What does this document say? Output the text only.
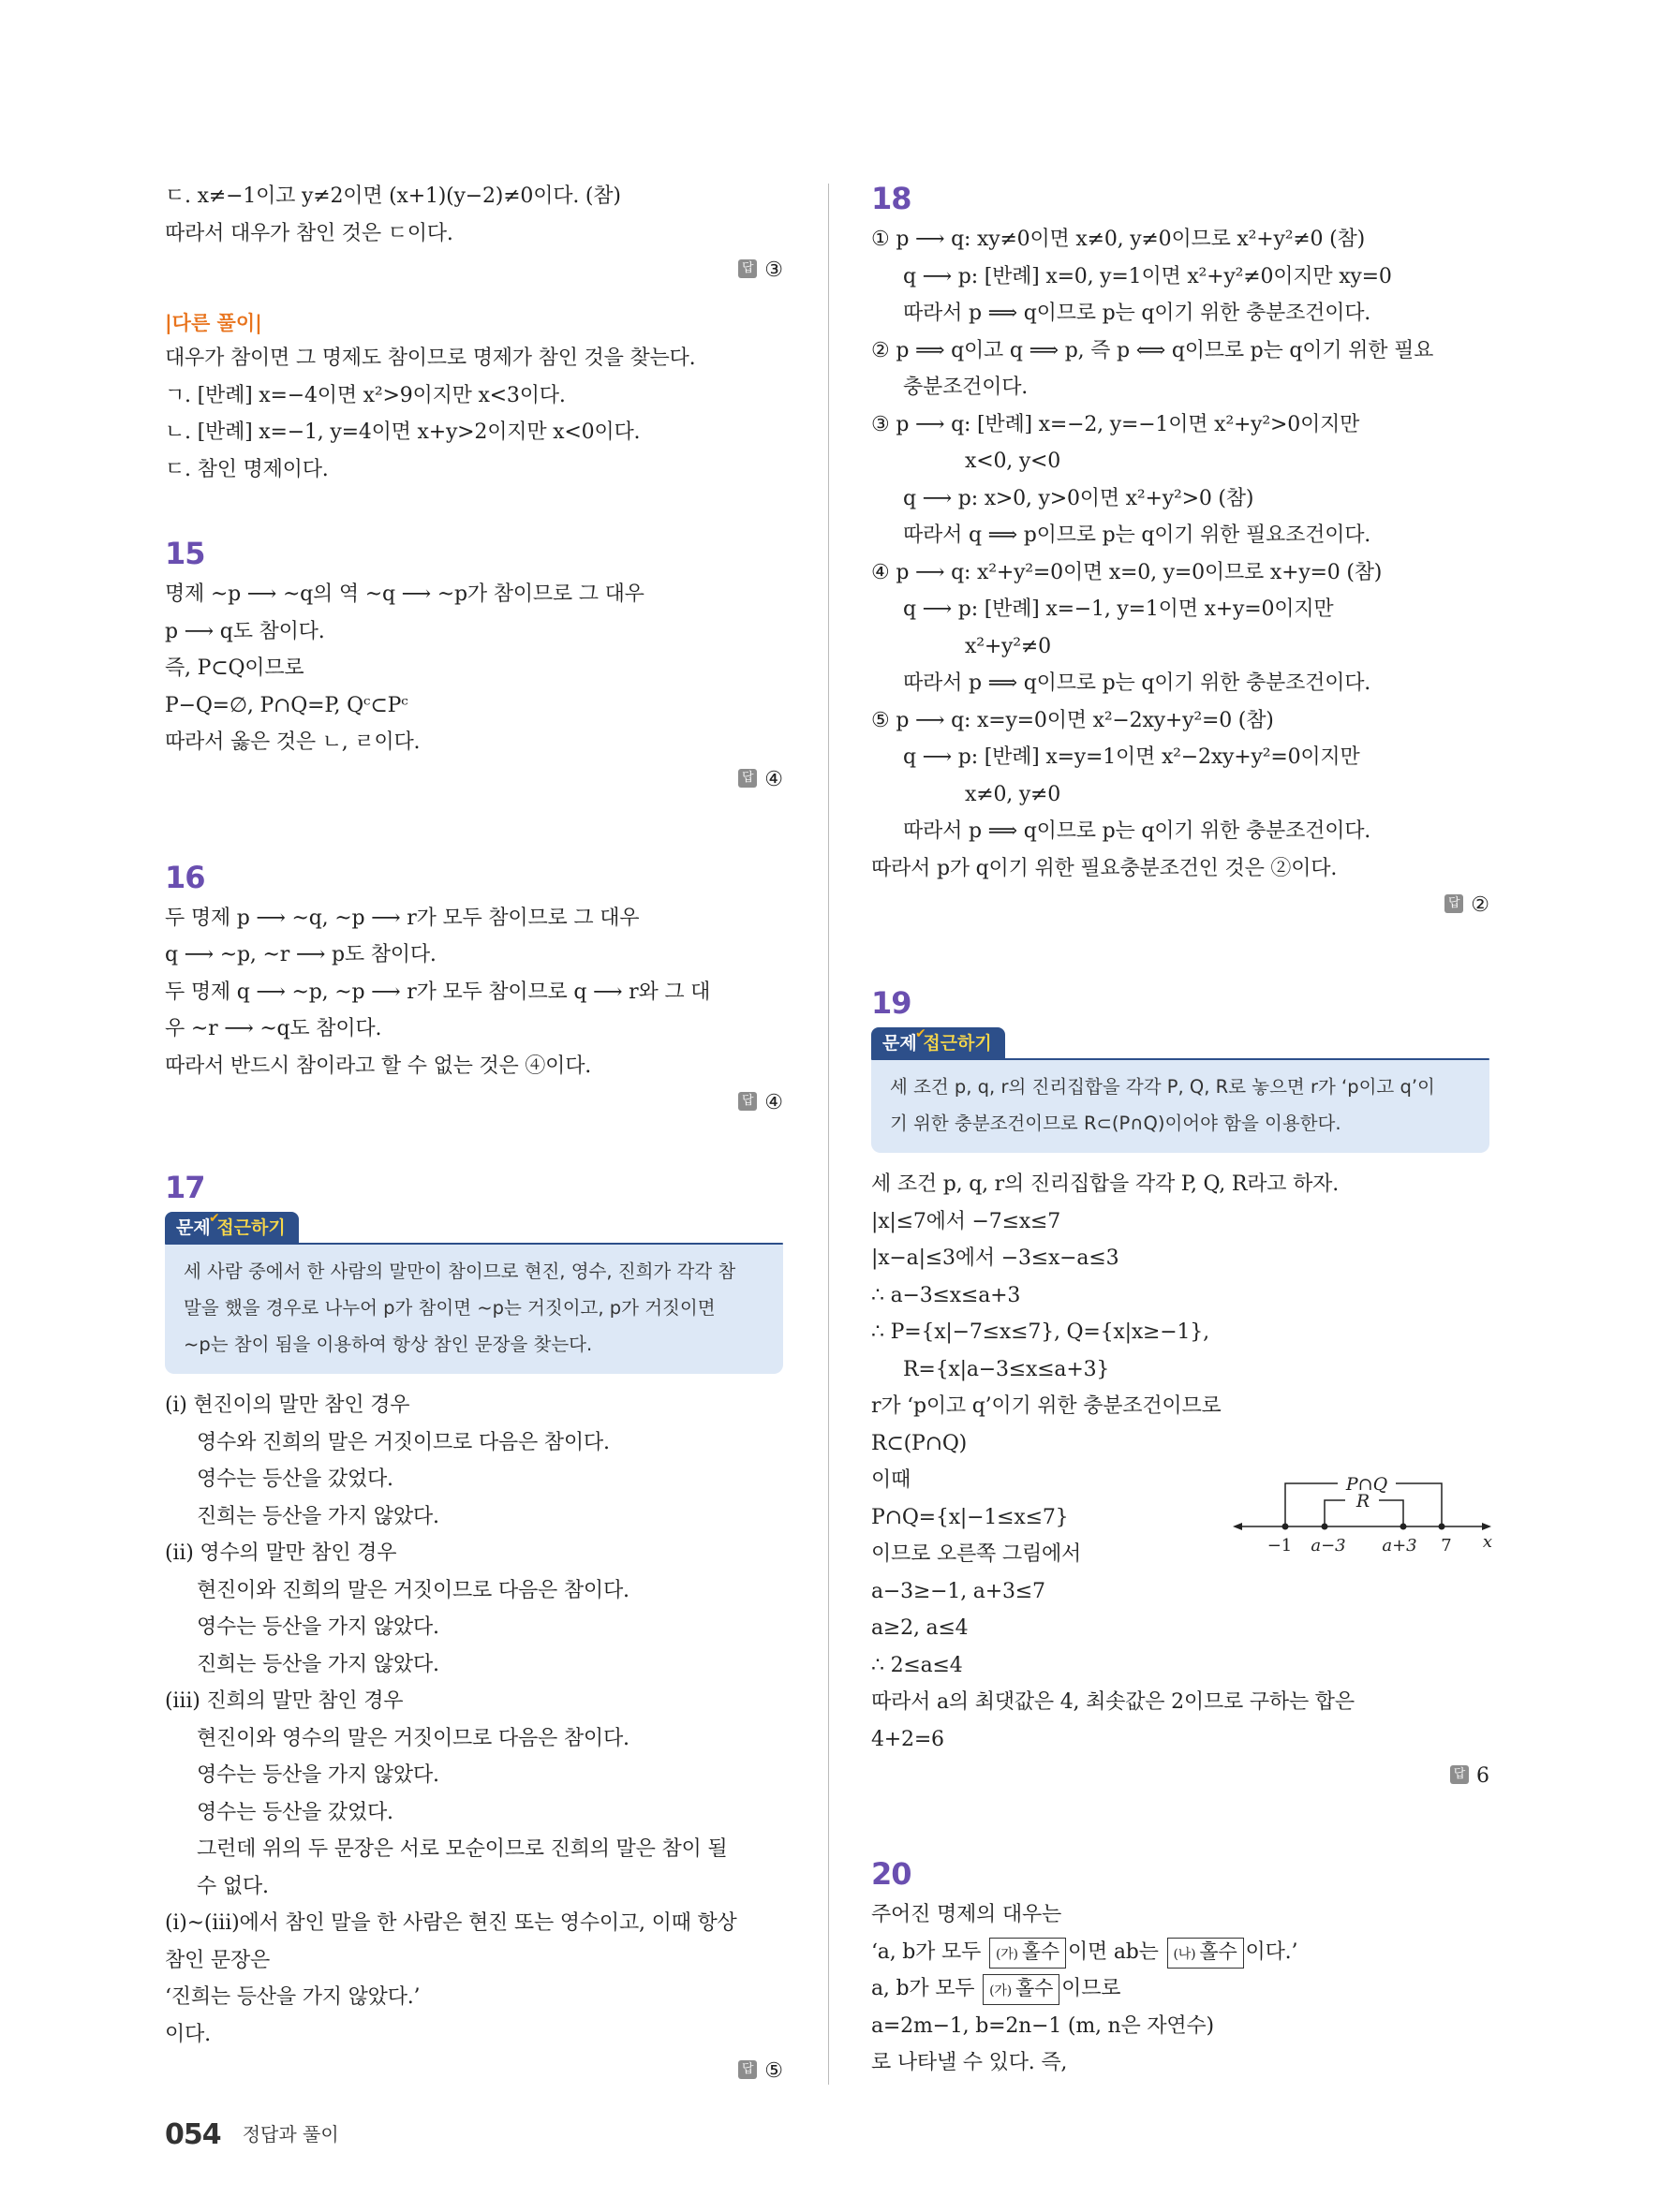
ㄷ. x≠−1이고 y≠2이면 (x+1)(y−2)≠0이다. (참)
따라서 대우가 참인 것은 ㄷ이다.
답 ③
|다른 풀이|
대우가 참이면 그 명제도 참이므로 명제가 참인 것을 찾는다.
ㄱ. [반례] x=−4이면 x²>9이지만 x<3이다.
ㄴ. [반례] x=−1, y=4이면 x+y>2이지만 x<0이다.
ㄷ. 참인 명제이다.
15
명제 ~p ⟶ ~q의 역 ~q ⟶ ~p가 참이므로 그 대우
p ⟶ q도 참이다.
즉, P⊂Q이므로
P−Q=∅, P∩Q=P, Qᶜ⊂Pᶜ
따라서 옳은 것은 ㄴ, ㄹ이다.
답 ④
16
두 명제 p ⟶ ~q, ~p ⟶ r가 모두 참이므로 그 대우
q ⟶ ~p, ~r ⟶ p도 참이다.
두 명제 q ⟶ ~p, ~p ⟶ r가 모두 참이므로 q ⟶ r와 그 대
우 ~r ⟶ ~q도 참이다.
따라서 반드시 참이라고 할 수 없는 것은 ④이다.
답 ④
17
✔
문제 접근하기
세 사람 중에서 한 사람의 말만이 참이므로 현진, 영수, 진희가 각각 참
말을 했을 경우로 나누어 p가 참이면 ~p는 거짓이고, p가 거짓이면
~p는 참이 됨을 이용하여 항상 참인 문장을 찾는다.
(ⅰ) 현진이의 말만 참인 경우
영수와 진희의 말은 거짓이므로 다음은 참이다.
영수는 등산을 갔었다.
진희는 등산을 가지 않았다.
(ⅱ) 영수의 말만 참인 경우
현진이와 진희의 말은 거짓이므로 다음은 참이다.
영수는 등산을 가지 않았다.
진희는 등산을 가지 않았다.
(ⅲ) 진희의 말만 참인 경우
현진이와 영수의 말은 거짓이므로 다음은 참이다.
영수는 등산을 가지 않았다.
영수는 등산을 갔었다.
그런데 위의 두 문장은 서로 모순이므로 진희의 말은 참이 될
수 없다.
(ⅰ)~(ⅲ)에서 참인 말을 한 사람은 현진 또는 영수이고, 이때 항상
참인 문장은
‘진희는 등산을 가지 않았다.’
이다.
답 ⑤
18
① p ⟶ q: xy≠0이면 x≠0, y≠0이므로 x²+y²≠0 (참)
q ⟶ p: [반례] x=0, y=1이면 x²+y²≠0이지만 xy=0
따라서 p ⟹ q이므로 p는 q이기 위한 충분조건이다.
② p ⟹ q이고 q ⟹ p, 즉 p ⟺ q이므로 p는 q이기 위한 필요
충분조건이다.
③ p ⟶ q: [반례] x=−2, y=−1이면 x²+y²>0이지만
x<0, y<0
q ⟶ p: x>0, y>0이면 x²+y²>0 (참)
따라서 q ⟹ p이므로 p는 q이기 위한 필요조건이다.
④ p ⟶ q: x²+y²=0이면 x=0, y=0이므로 x+y=0 (참)
q ⟶ p: [반례] x=−1, y=1이면 x+y=0이지만
x²+y²≠0
따라서 p ⟹ q이므로 p는 q이기 위한 충분조건이다.
⑤ p ⟶ q: x=y=0이면 x²−2xy+y²=0 (참)
q ⟶ p: [반례] x=y=1이면 x²−2xy+y²=0이지만
x≠0, y≠0
따라서 p ⟹ q이므로 p는 q이기 위한 충분조건이다.
따라서 p가 q이기 위한 필요충분조건인 것은 ②이다.
답 ②
19
✔
문제 접근하기
세 조건 p, q, r의 진리집합을 각각 P, Q, R로 놓으면 r가 ‘p이고 q’이
기 위한 충분조건이므로 R⊂(P∩Q)이어야 함을 이용한다.
세 조건 p, q, r의 진리집합을 각각 P, Q, R라고 하자.
|x|≤7에서 −7≤x≤7
|x−a|≤3에서 −3≤x−a≤3
∴ a−3≤x≤a+3
∴ P={x|−7≤x≤7}, Q={x|x≥−1},
R={x|a−3≤x≤a+3}
r가 ‘p이고 q’이기 위한 충분조건이므로
R⊂(P∩Q)
이때
P∩Q={x|−1≤x≤7}
이므로 오른쪽 그림에서
a−3≥−1, a+3≤7
a≥2, a≤4
∴ 2≤a≤4
따라서 a의 최댓값은 4, 최솟값은 2이므로 구하는 합은
4+2=6
답 6
20
주어진 명제의 대우는
‘a, b가 모두 (가) 홀수 이면 ab는 (나) 홀수 이다.’
a, b가 모두 (가) 홀수 이므로
a=2m−1, b=2n−1 (m, n은 자연수)
로 나타낼 수 있다. 즉,
P∩Q
R
−1 a−3 a+3 7 x
054 정답과 풀이
